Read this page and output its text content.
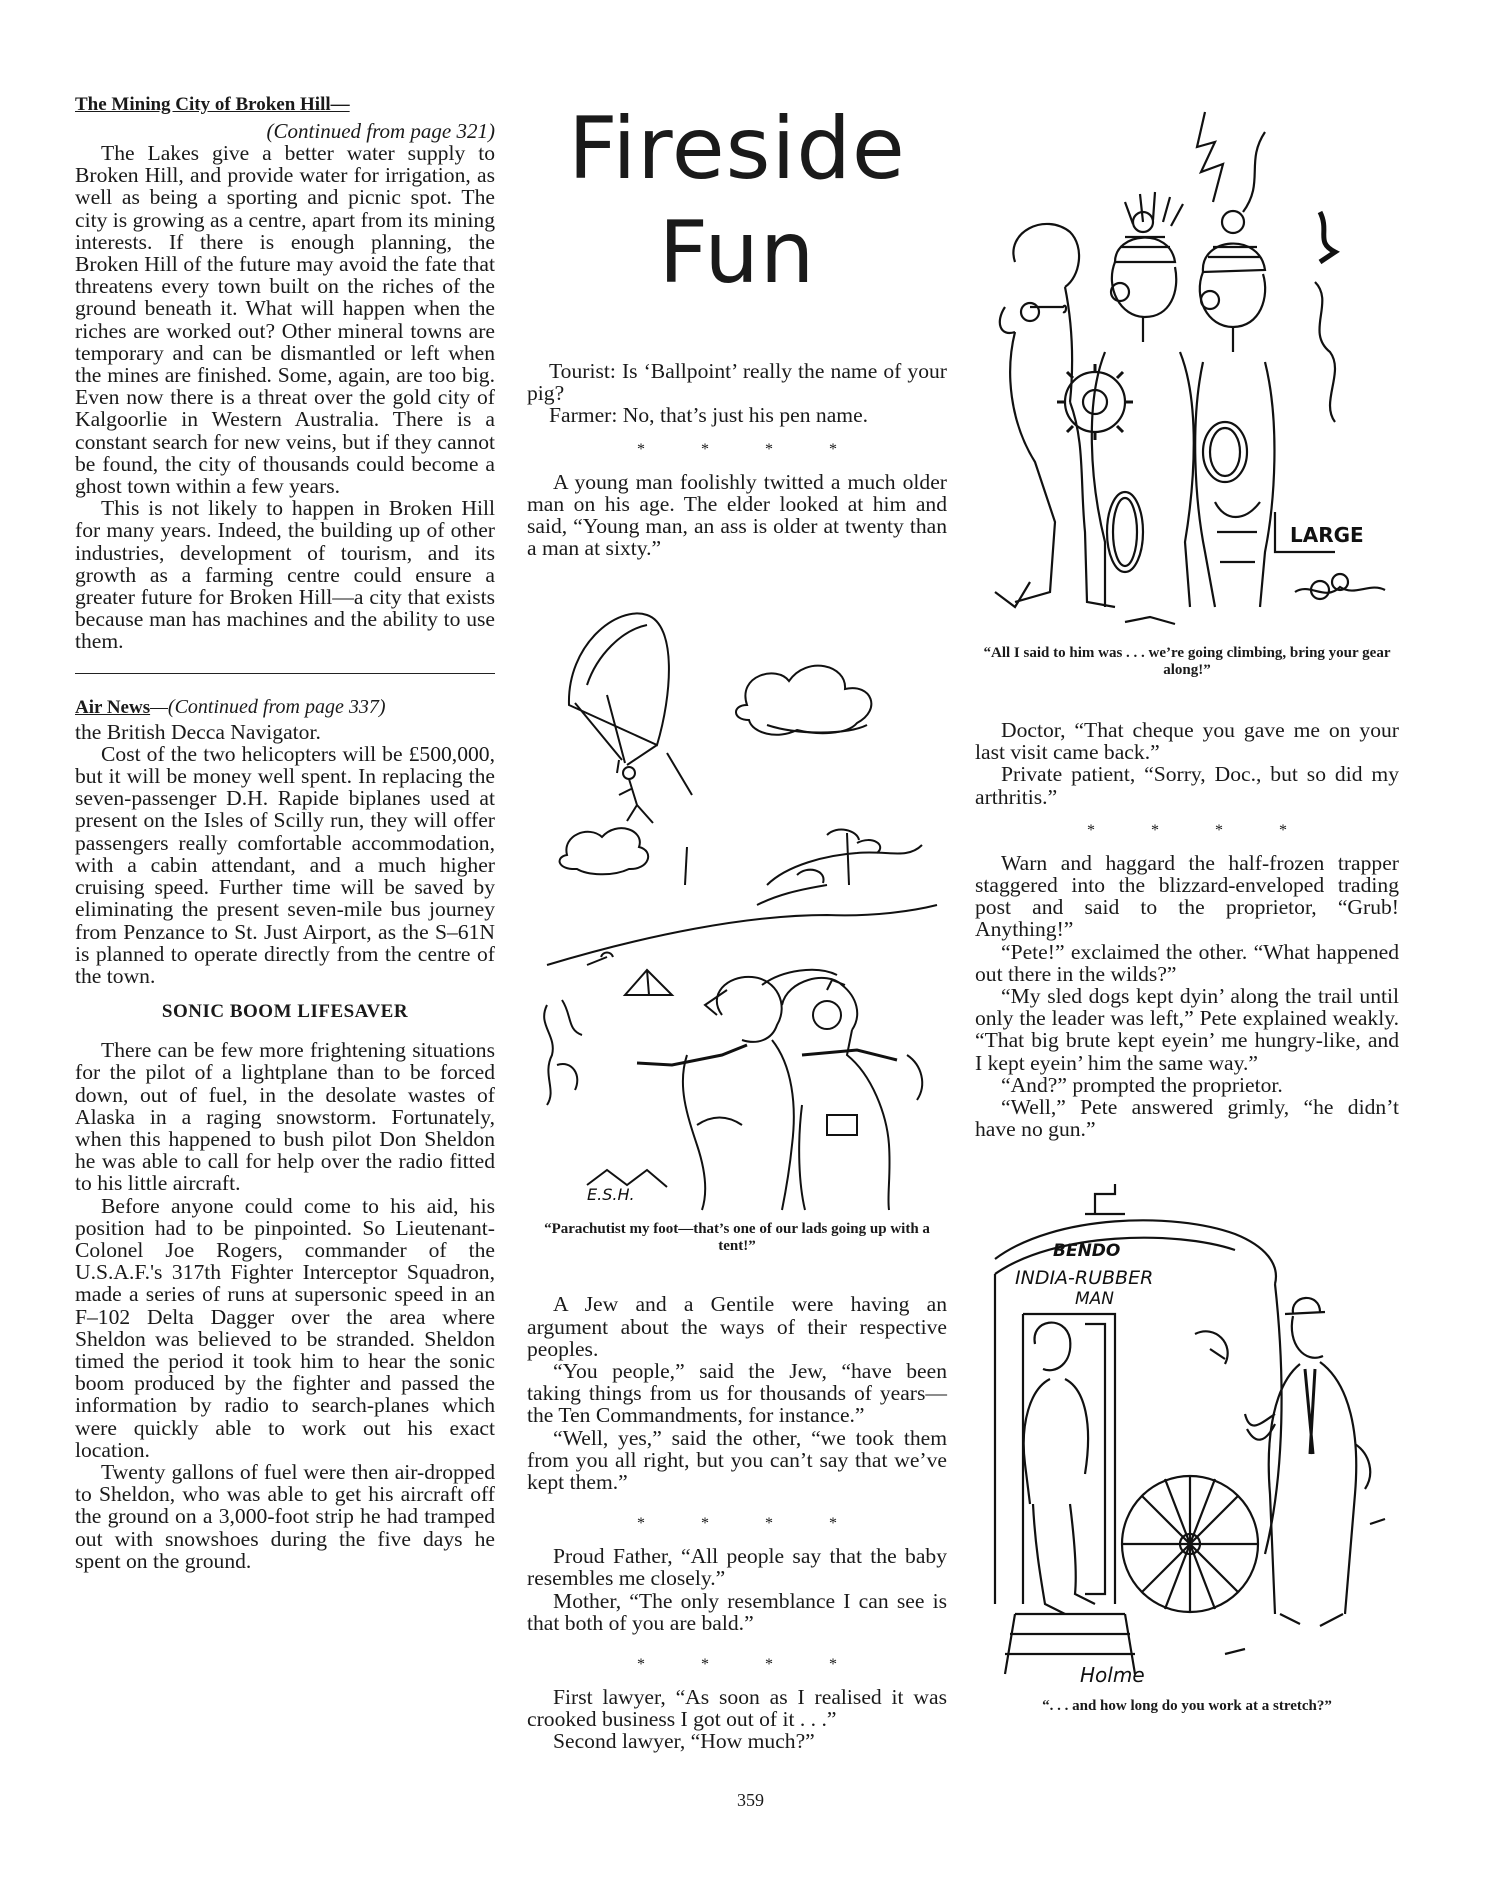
The Mining City of Broken Hill—

(Continued from page 321)

The Lakes give a better water supply to Broken Hill, and provide water for irrigation, as well as being a sporting and picnic spot. The city is growing as a centre, apart from its mining interests. If there is enough planning, the Broken Hill of the future may avoid the fate that threatens every town built on the riches of the ground beneath it. What will happen when the riches are worked out? Other mineral towns are temporary and can be dismantled or left when the mines are finished. Some, again, are too big. Even now there is a threat over the gold city of Kalgoorlie in Western Australia. There is a constant search for new veins, but if they cannot be found, the city of thousands could become a ghost town within a few years.

This is not likely to happen in Broken Hill for many years. Indeed, the building up of other industries, development of tourism, and its growth as a farming centre could ensure a greater future for Broken Hill—a city that exists because man has machines and the ability to use them.

Air News—(Continued from page 337)

the British Decca Navigator.

Cost of the two helicopters will be £500,000, but it will be money well spent. In replacing the seven-passenger D.H. Rapide biplanes used at present on the Isles of Scilly run, they will offer passengers really comfortable accommodation, with a cabin attendant, and a much higher cruising speed. Further time will be saved by eliminating the present seven-mile bus journey from Penzance to St. Just Airport, as the S–61N is planned to operate directly from the centre of the town.

SONIC BOOM LIFESAVER

There can be few more frightening situations for the pilot of a lightplane than to be forced down, out of fuel, in the desolate wastes of Alaska in a raging snowstorm. Fortunately, when this happened to bush pilot Don Sheldon he was able to call for help over the radio fitted to his little aircraft.

Before anyone could come to his aid, his position had to be pinpointed. So Lieutenant-Colonel Joe Rogers, commander of the U.S.A.F.'s 317th Fighter Interceptor Squadron, made a series of runs at supersonic speed in an F–102 Delta Dagger over the area where Sheldon was believed to be stranded. Sheldon timed the period it took him to hear the sonic boom produced by the fighter and passed the information by radio to search-planes which were quickly able to work out his exact location.

Twenty gallons of fuel were then air-dropped to Sheldon, who was able to get his aircraft off the ground on a 3,000-foot strip he had tramped out with snowshoes during the five days he spent on the ground.

Fireside
Fun

Tourist: Is ‘Ballpoint’ really the name of your pig?

Farmer: No, that’s just his pen name.

* * * *

A young man foolishly twitted a much older man on his age. The elder looked at him and said, “Young man, an ass is older at twenty than a man at sixty.”

E.S.H.

“Parachutist my foot—that’s one of our lads going up with a tent!”

A Jew and a Gentile were having an argument about the ways of their respective peoples.

“You people,” said the Jew, “have been taking things from us for thousands of years—the Ten Commandments, for instance.”

“Well, yes,” said the other, “we took them from you all right, but you can’t say that we’ve kept them.”

* * * *

Proud Father, “All people say that the baby resembles me closely.”

Mother, “The only resemblance I can see is that both of you are bald.”

* * * *

First lawyer, “As soon as I realised it was crooked business I got out of it . . .”

Second lawyer, “How much?”

LARGE

“All I said to him was . . . we’re going climbing, bring your gear along!”

Doctor, “That cheque you gave me on your last visit came back.”

Private patient, “Sorry, Doc., but so did my arthritis.”

* * * *

Warn and haggard the half-frozen trapper staggered into the blizzard-enveloped trading post and said to the proprietor, “Grub! Anything!”

“Pete!” exclaimed the other. “What happened out there in the wilds?”

“My sled dogs kept dyin’ along the trail until only the leader was left,” Pete explained weakly. “That big brute kept eyein’ me hungry-like, and I kept eyein’ him the same way.”

“And?” prompted the proprietor.

“Well,” Pete answered grimly, “he didn’t have no gun.”

BENDO
INDIA-RUBBER
MAN
Holme

“. . . and how long do you work at a stretch?”

359
